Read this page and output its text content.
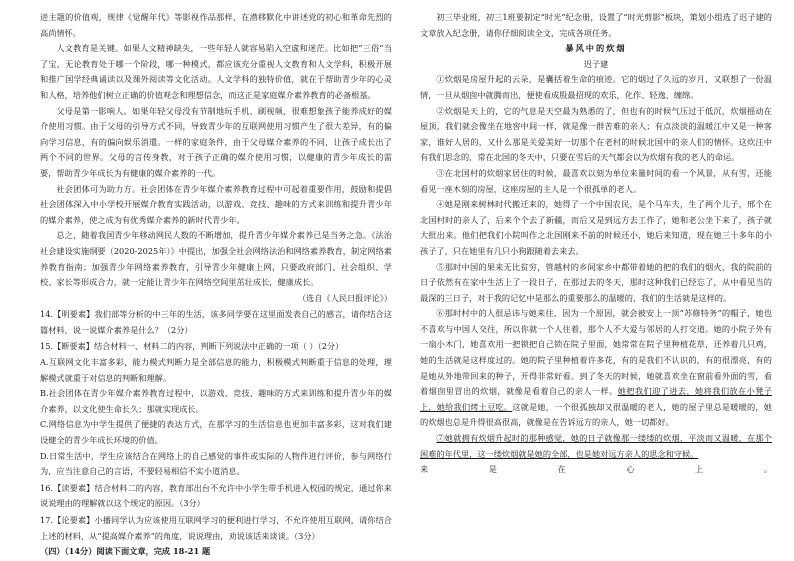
进主题的价值观，规律《觉醒年代》等影视作品那样，在潜移默化中讲述党的初心和革命先烈的高尚情怀。

人文教育是关键。如果人文精神缺失，一些年轻人就容易陷入空虚和迷茫。比如把“三俗”当了宝，无论教育处于哪一个阶段，哪一种模式，都应该充分重视人文教育和人文学科，积极开展和推广国学经典诵读以及课外阅读等文化活动。人文学科的独特价值，就在于帮助青少年的心灵和人格，培养他们树立正确的价值观念和理想信念，而这正是家庭媒介素养教育的必备根基。

父母是第一影响人。如果年轻父母没有节制地玩手机、刷视频，很难想象孩子能养成好的媒介使用习惯。由于父母的引导方式不同，导致青少年的互联网使用习惯产生了很大差异，有的偏向学习信息，有的偏向娱乐消遣。一样的家庭条件，由于父母媒介素养的不同，让孩子成长出了两个不同的世界。父母的言传身教，对于孩子正确的媒介使用习惯，以健康的青少年成长的需要，帮助青少年成长为有健康的媒介素养的一代。

社会团体可为助力方。社会团体在青少年媒介素养教育过程中可起着重要作用，鼓励和提倡社会团体深入中小学校开展媒介教育实践活动，以游戏、竞技、趣味的方式来训练和提升青少年的媒介素养，使之成为有优秀媒介素养的新时代青少年。

总之，随着我国青少年移动网民人数的不断增加，提升青少年媒介素养已是当务之急。《法治社会建设实施纲要（2020-2025年）》中提出，加强全社会网络法治和网络素养教育，制定网络素养教育指南；加强青少年网络素养教育，引导青少年健康上网，只要政府部门、社会组织、学校、家长等形成合力，就一定能让青少年在网络空间里茁壮成长，健康成长。

（选自《人民日报评论》）

14.【明要素】我们部等分析的中三年的生活，该多同学要在这里面发表自己的感言，请你结合这篇材料，说一说媒介素养是什么？（2分）

15.【断要素】结合材料一、材料二的内容，判断下列说法中正确的一项（ ）（2分）

A.互联网文化丰富多彩，能力模式判断力是全部信息的能力，积极模式判断重于信息的处理，理解模式就重于对信息的判断和理解。

B.社会团体在青少年媒介素养教育过程中，以游戏、竞技、趣味的方式来训练和提升青少年的媒介素养，以文化使生命长久；那就实现成长。

C.网络信息为中学生提供了便捷的表达方式，在那学习的生活信息也更加丰富多彩，这对我们建设健全的青少年成长环境的价值。

D.日常生活中，学生应该结合在网络上的自己感觉的事件或实际的人物件进行评价，参与网络行为，应当注意自己的言语，不要轻易相信不实小道消息。

16.【读要素】结合材料二的内容，教育部出台不允许中小学生带手机进入校园的规定，通过你来说说理由的理解就以这个规定的原因。（3分）

17.【论要素】小播同学认为应该使用互联网学习的便利进行学习，不允许使用互联网，请你结合上述的材料，从“提高媒介素养”的角度，说说理由，劝说该话来谈谈。（3分）

（四）（14分）阅读下面文章，完成 18-21 题

初三毕业班，初三1班要制定“时光”纪念册，设置了“时光剪影”板块，策划小组选了迟子建的文章放入纪念册，请你仔细阅读全文，完成各项任务。

暴风中的炊烟

迟子建

①炊烟是房屋升起的云朵，是囊括着生命的痕迹。它的烟过了久远的岁月，又联想了一份温情，一旦从烟囱中就腾而出，便使看成股最招现的欢乐，化作、轻逸、缠绵。

②炊烟是天上的，它的气息是天空最为熟悉的了，但也有的时候气压过于低沉，炊烟摇动在屋顶，我们就会像坐在地窖中间一样，就是像一群苦难的亲人；有点淡淡的温暖江中又是一种客家，谁好人居的，又什么那是关爱美好一切那个在老村的时候北国中的亲人们的情怀。这炊汪中有我们思念的，常在北国的冬天中，只要在雪后的天气都会以为炊烟有我的老人的命运。

③在北国村的炊烟家居住的时候，最喜欢以刻为单位来量时间的看一个风景，从有雪，还能看见一座木刻的房屋，这座房屋的主人是一个很孤单的老人。

④她是刚来树林时代搬迁来的，她得了一个中国农民，是个马车夫，生了两个儿子，邢个在北国村时的亲人了，后来个个去了新疆，而后又是到远方去工作了，她和老公坐下来了，孩子就大批出来。他们把我们小院叫作之北国刚来不前的时候还小，她后来知道，现在她三十多年的小孩子了，只在她里有几只小狗跟随着去来去。

⑤那时中国的果来无比贫穷，管越村的乡间家乡中都带着她的把的我们的烟火，我的院前的日子依然有在家中生活上了一段日子，在那过去的冬天，那时这种我们已经忘了，从中看见当的最深的三日子，对于我的记忆中是那么的重要那么的温暖的，我们的生活就是这样的。

⑥那时村中的人很忌讳与她来往，因为一个原因，就会被安上一顶“苏修特务”的帽子，她也不喜欢与中国人交往，所以你就一个人住着，那个人不大爱与邻居的人打交道。她的小院子外有一扇小木门，她喜欢用一把锁把自己锁在院子里面，她常常在院子里种植花草，还养着几只鸡，她的生活就是这样度过的。她的院子里种植着许多花，有的是我们不认识的，有的很漂亮，有的是她从外地带回来的种子，开得非常好看。到了冬天的时候，她就喜欢坐在窗前看外面的雪，看着烟囱里冒出的炊烟，就像是看着自己的亲人一样。她把我们迎了进去，她将我们放在小凳子上，她给我们烤土豆吃。这就是她，一个很孤独却又很温暖的老人，她的屋子里总是暖暖的，她的炊烟也总是升得很高很高，就像是在告诉远方的亲人，她一切都好。

⑦她就拥有炊烟升起时的那种感觉，她的日子就像那一缕缕的炊烟，平淡而又温暖，在那个困难的年代里，这一缕炊烟就是她的全部，也是她对远方亲人的思念和守候。

来	是	在	心	上	。
